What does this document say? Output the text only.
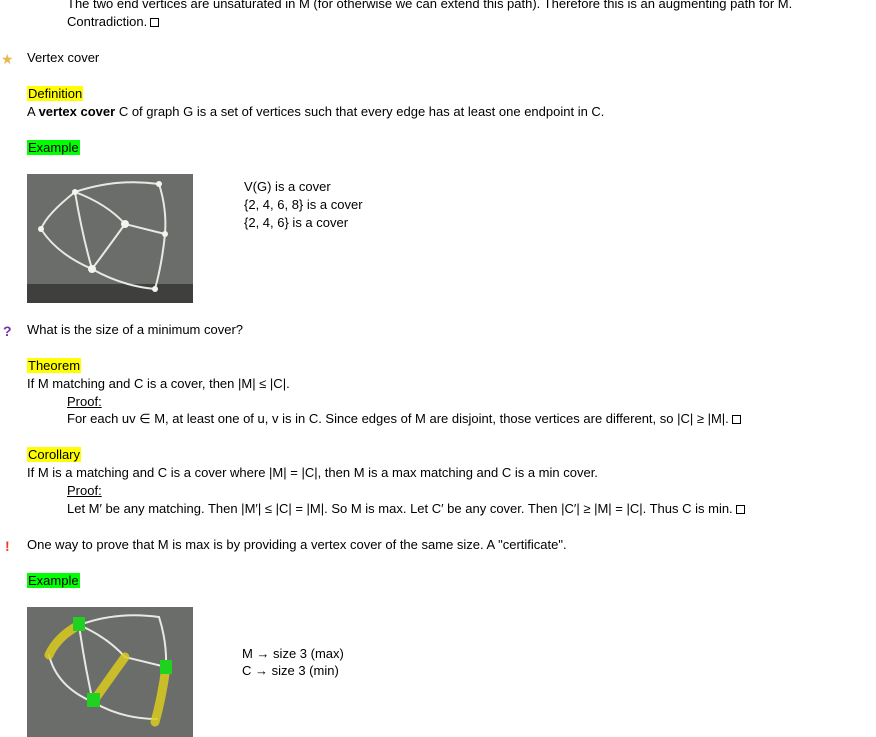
The two end vertices are unsaturated in M (for otherwise we can extend this path). Therefore this is an augmenting path for M.
Contradiction.
★ Vertex cover
Definition
A vertex cover C of graph G is a set of vertices such that every edge has at least one endpoint in C.
Example
V(G) is a cover
{2, 4, 6, 8} is a cover
{2, 4, 6} is a cover
? What is the size of a minimum cover?
Theorem
If M matching and C is a cover, then |M| ≤ |C|.
Proof:
For each uv ∈ M, at least one of u, v is in C. Since edges of M are disjoint, those vertices are different, so |C| ≥ |M|.
Corollary
If M is a matching and C is a cover where |M| = |C|, then M is a max matching and C is a min cover.
Proof:
Let M′ be any matching. Then |M′| ≤ |C| = |M|. So M is max. Let C′ be any cover. Then |C′| ≥ |M| = |C|. Thus C is min.
! One way to prove that M is max is by providing a vertex cover of the same size. A "certificate".
Example
M → size 3 (max)
C → size 3 (min)
